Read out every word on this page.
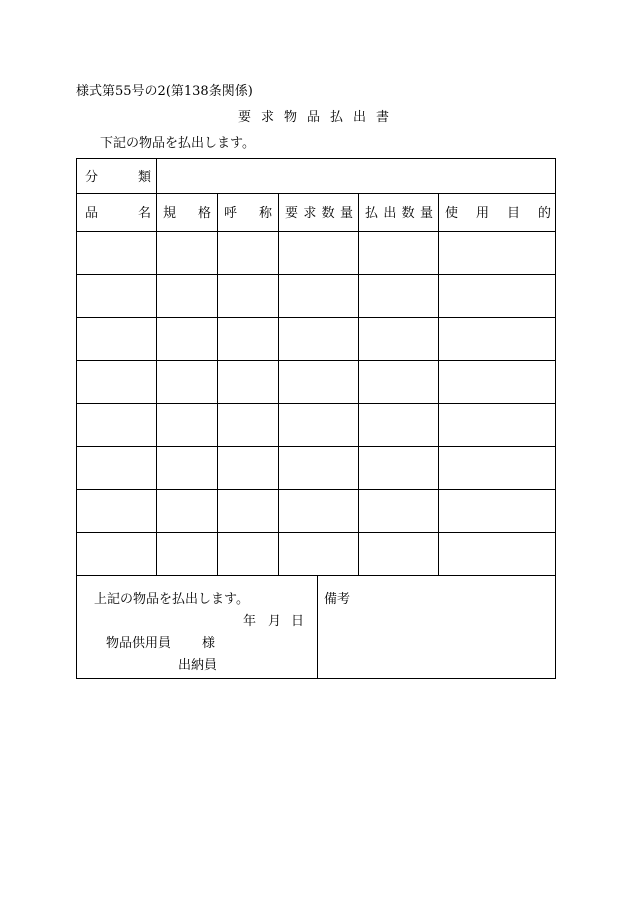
様式第55号の2(第138条関係)
要求物品払出書
下記の物品を払出します。
分	類
品	名 規 格 呼 称 要 求 数 量 払 出 数 量 使 用 目 的
上記の物品を払出します。
年 月 日
物品供用員 様
出納員
備考
